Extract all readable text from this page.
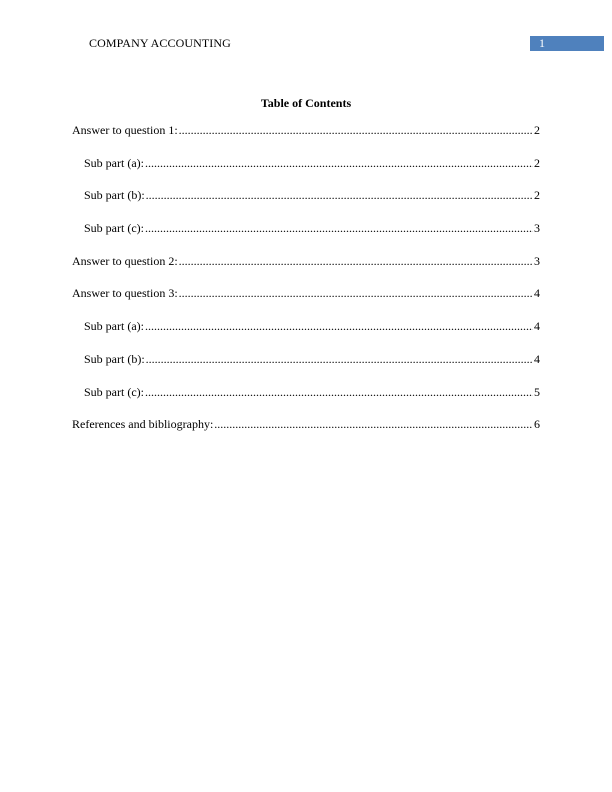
COMPANY ACCOUNTING	1
Table of Contents
Answer to question 1: .....	2
Sub part (a): .....	2
Sub part (b): .....	2
Sub part (c): .....	3
Answer to question 2: .....	3
Answer to question 3: .....	4
Sub part (a): .....	4
Sub part (b): .....	4
Sub part (c): .....	5
References and bibliography: .....	6
